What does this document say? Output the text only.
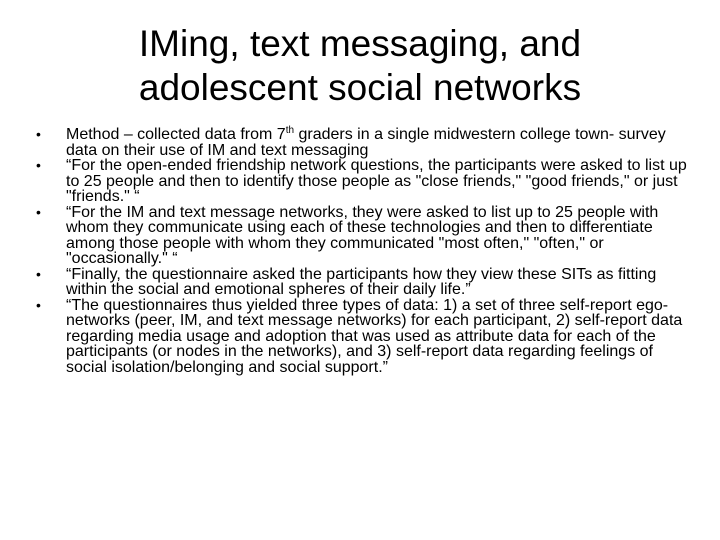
IMing, text messaging, and
adolescent social networks
•	Method – collected data from 7th graders in a single midwestern college town- survey data on their use of IM and text messaging
•	“For the open-ended friendship network questions, the participants were asked to list up to 25 people and then to identify those people as "close friends," "good friends," or just "friends." “
•	“For the IM and text message networks, they were asked to list up to 25 people with whom they communicate using each of these technologies and then to differentiate among those people with whom they communicated "most often," "often," or "occasionally." “
•	“Finally, the questionnaire asked the participants how they view these SITs as fitting within the social and emotional spheres of their daily life.”
•	“The questionnaires thus yielded three types of data: 1) a set of three self-report ego-networks (peer, IM, and text message networks) for each participant, 2) self-report data regarding media usage and adoption that was used as attribute data for each of the participants (or nodes in the networks), and 3) self-report data regarding feelings of social isolation/belonging and social support.”
